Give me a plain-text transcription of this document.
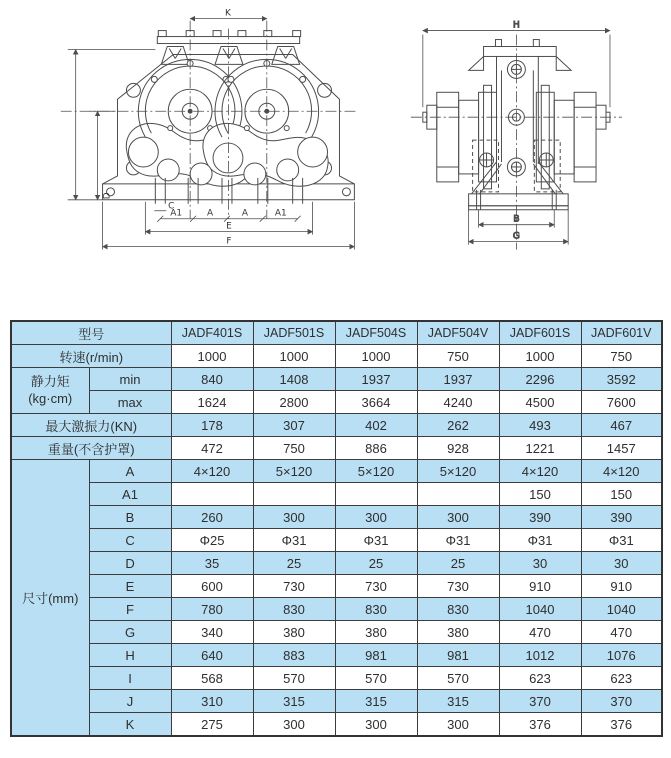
K
D
C
A1	A	A	A1
E
F
H
B
G
型号		JADF401S	JADF501S	JADF504S	JADF504V	JADF601S	JADF601V
转速(r/min)		1000	1000	1000	750	1000	750

静力矩
(kg·cm)	min	840	1408	1937	1937	2296	3592
	max	1624	2800	3664	4240	4500	7600
最大激振力(KN)		178	307	402	262	493	467
重量(不含护罩)		472	750	886	928	1221	1457
尺寸(mm)	A	4×120	5×120	5×120	5×120	4×120	4×120
	A1					150	150
	B	260	300	300	300	390	390
	C	Φ25	Φ31	Φ31	Φ31	Φ31	Φ31
	D	35	25	25	25	30	30
	E	600	730	730	730	910	910
	F	780	830	830	830	1040	1040
	G	340	380	380	380	470	470
	H	640	883	981	981	1012	1076
	I	568	570	570	570	623	623
	J	310	315	315	315	370	370
	K	275	300	300	300	376	376
